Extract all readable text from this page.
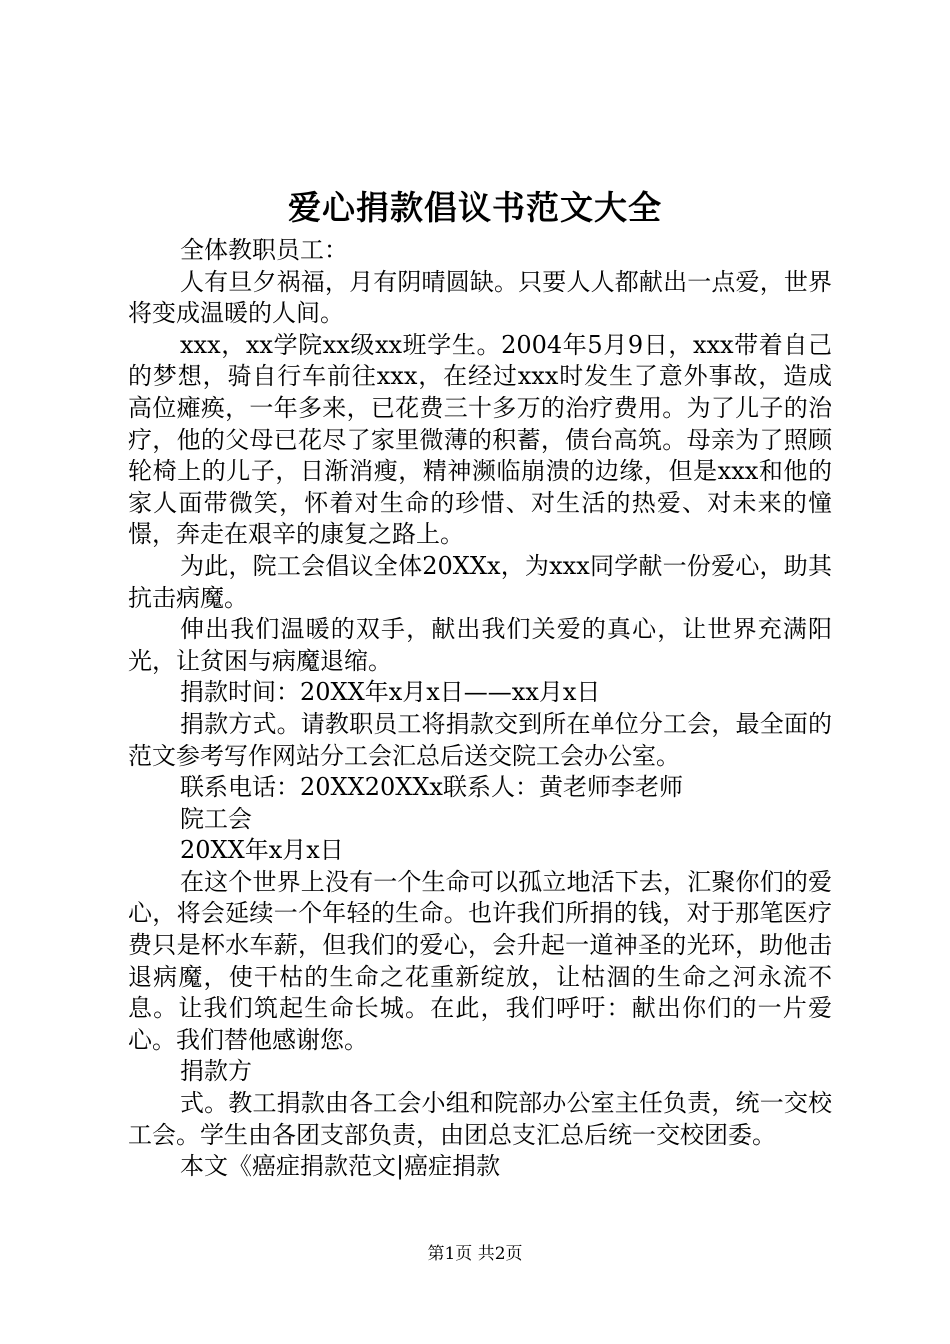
爱心捐款倡议书范文大全

全体教职员工：

人有旦夕祸福，月有阴晴圆缺。只要人人都献出一点爱，世界将变成温暖的人间。

xxx，xx学院xx级xx班学生。2004年5月9日，xxx带着自己的梦想，骑自行车前往xxx，在经过xxx时发生了意外事故，造成高位瘫痪，一年多来，已花费三十多万的治疗费用。为了儿子的治疗，他的父母已花尽了家里微薄的积蓄，债台高筑。母亲为了照顾轮椅上的儿子，日渐消瘦，精神濒临崩溃的边缘，但是xxx和他的家人面带微笑，怀着对生命的珍惜、对生活的热爱、对未来的憧憬，奔走在艰辛的康复之路上。

为此，院工会倡议全体20XXx，为xxx同学献一份爱心，助其抗击病魔。

伸出我们温暖的双手，献出我们关爱的真心，让世界充满阳光，让贫困与病魔退缩。

捐款时间：20XX年x月x日——xx月x日

捐款方式。请教职员工将捐款交到所在单位分工会，最全面的范文参考写作网站分工会汇总后送交院工会办公室。

联系电话：20XX20XXx联系人：黄老师李老师

院工会

20XX年x月x日

在这个世界上没有一个生命可以孤立地活下去，汇聚你们的爱心，将会延续一个年轻的生命。也许我们所捐的钱，对于那笔医疗费只是杯水车薪，但我们的爱心，会升起一道神圣的光环，助他击退病魔，使干枯的生命之花重新绽放，让枯涸的生命之河永流不息。让我们筑起生命长城。在此，我们呼吁：献出你们的一片爱心。我们替他感谢您。

捐款方

式。教工捐款由各工会小组和院部办公室主任负责，统一交校工会。学生由各团支部负责，由团总支汇总后统一交校团委。

本文《癌症捐款范文|癌症捐款

第1页 共2页
